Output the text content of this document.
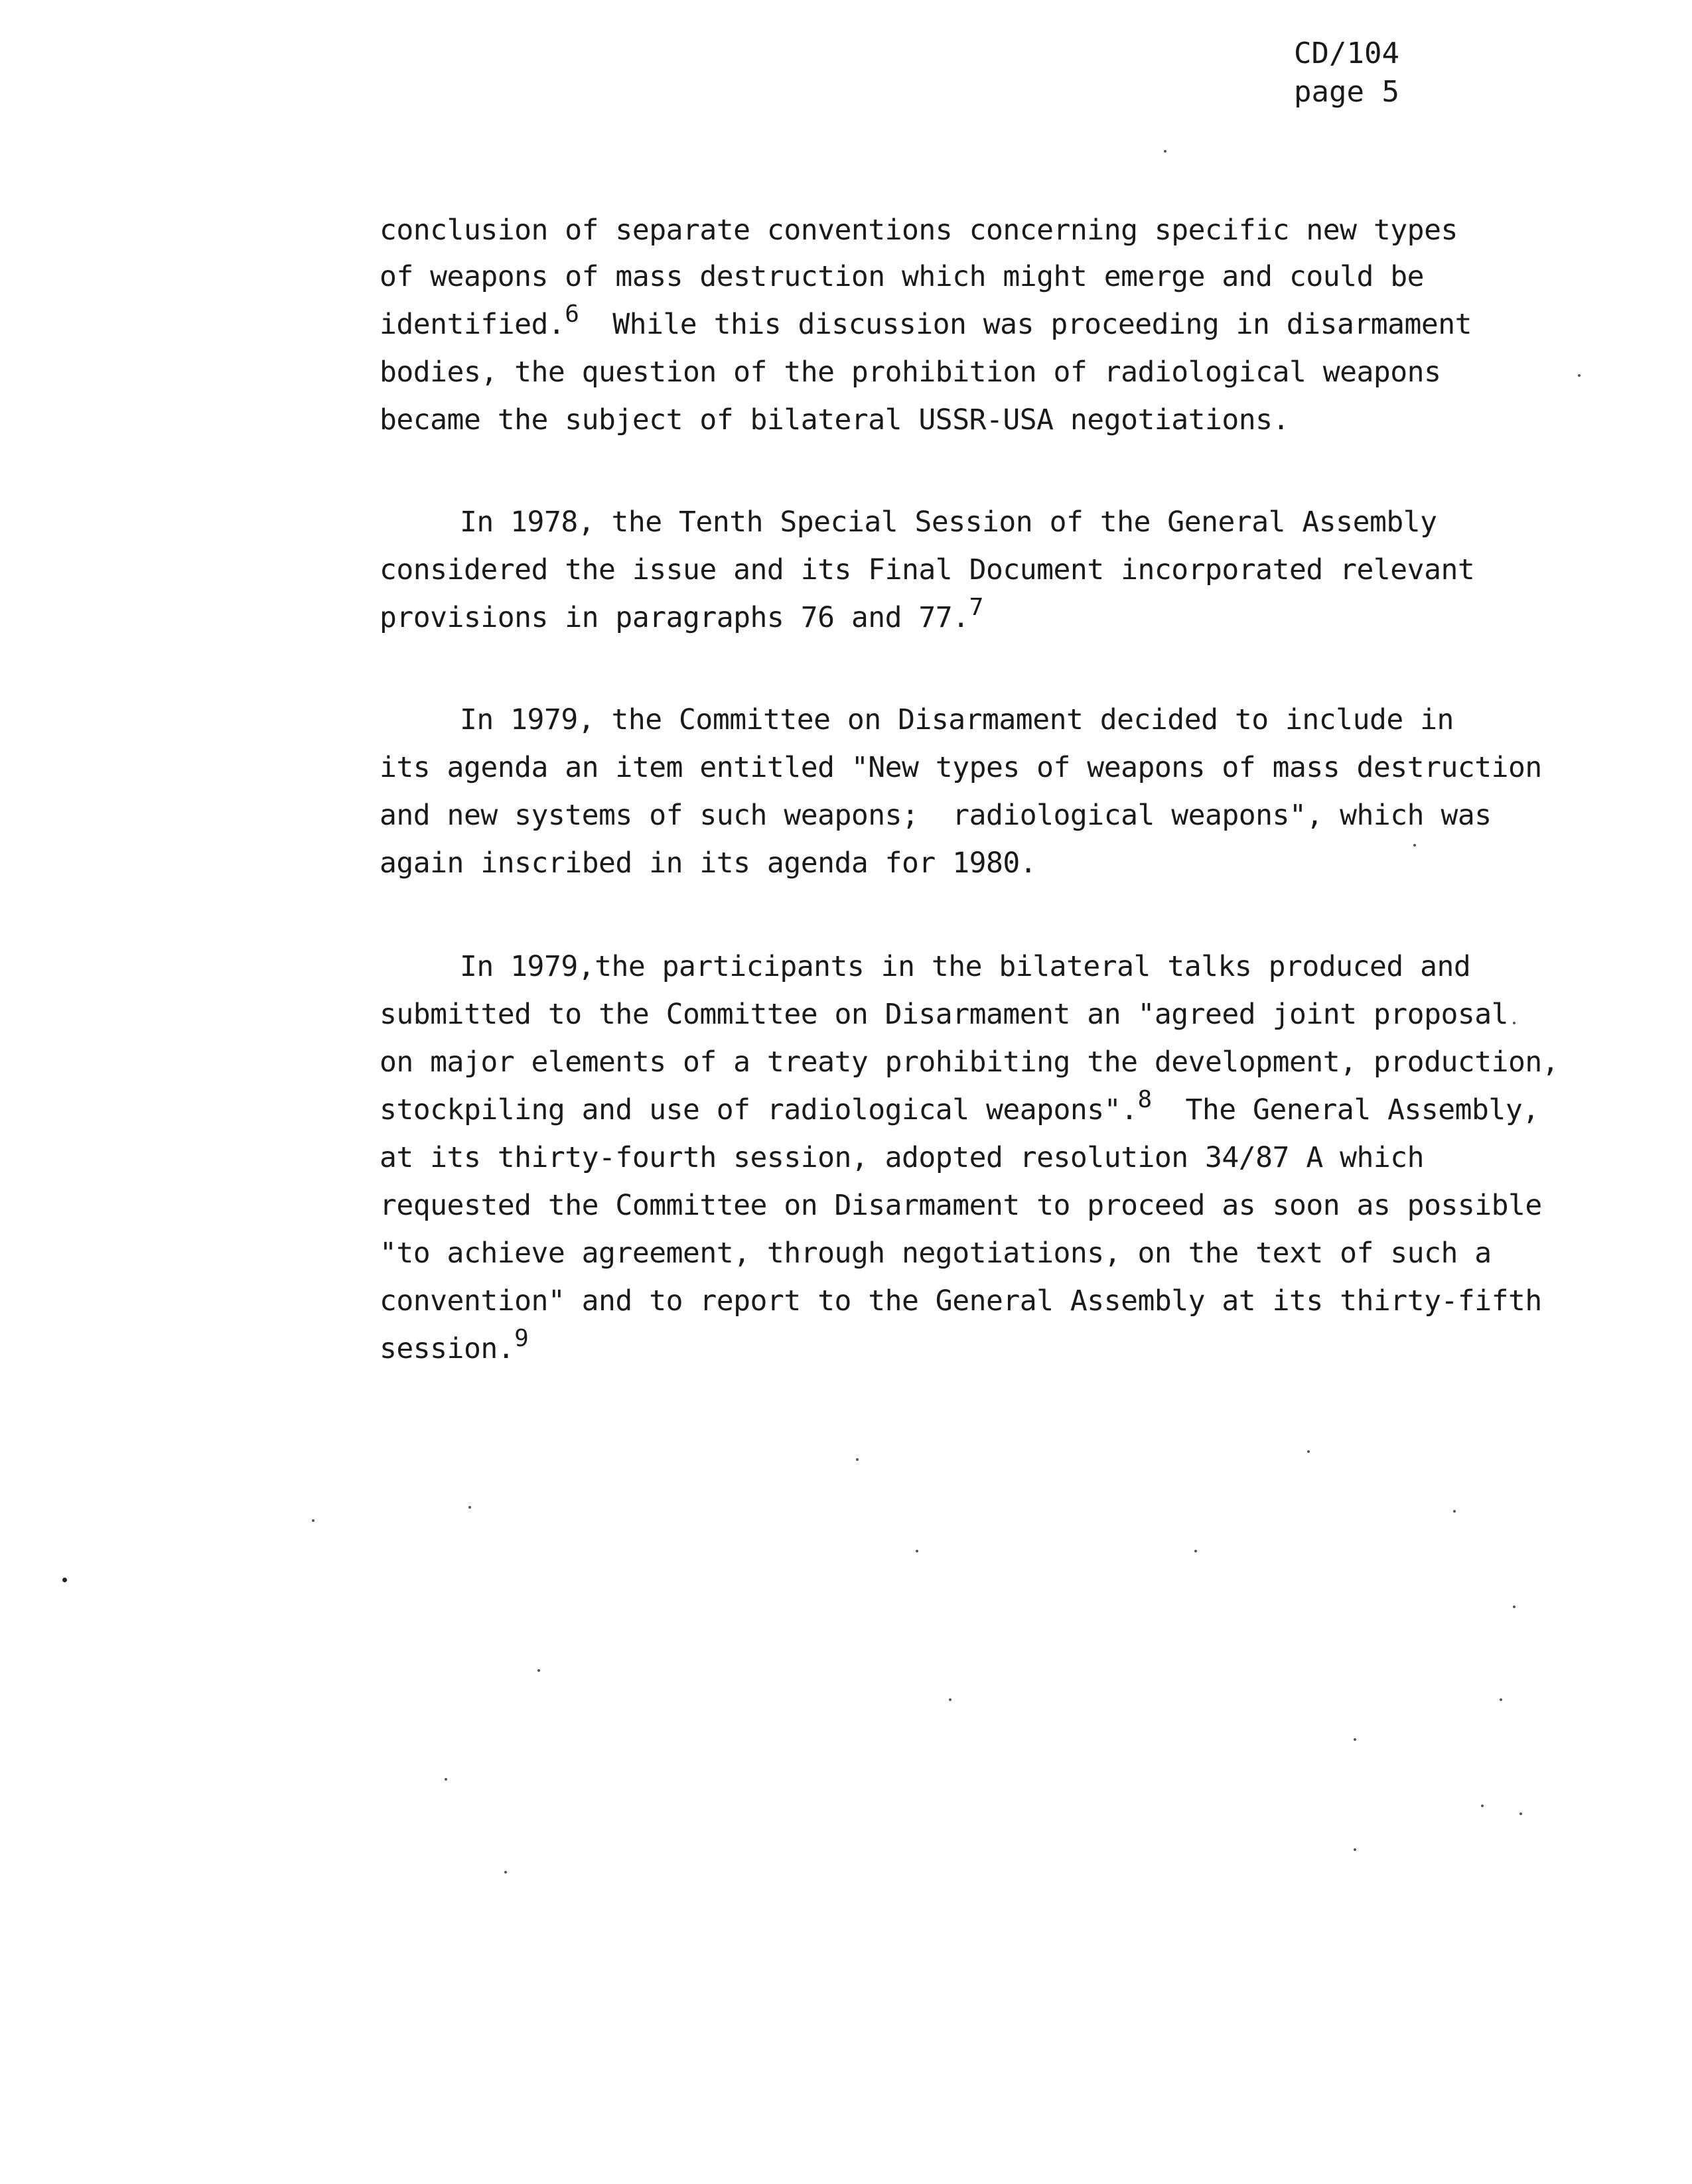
CD/104
page 5
conclusion of separate conventions concerning specific new types
of weapons of mass destruction which might emerge and could be
identified.$^6$ While this discussion was proceeding in disarmament
bodies, the question of the prohibition of radiological weapons
became the subject of bilateral USSR-USA negotiations.
In 1978, the Tenth Special Session of the General Assembly
considered the issue and its Final Document incorporated relevant
provisions in paragraphs 76 and 77.$^7$
In 1979, the Committee on Disarmament decided to include in
its agenda an item entitled "New types of weapons of mass destruction
and new systems of such weapons;  radiological weapons", which was
again inscribed in its agenda for 1980.
In 1979,the participants in the bilateral talks produced and
submitted to the Committee on Disarmament an "agreed joint proposal
on major elements of a treaty prohibiting the development, production,
stockpiling and use of radiological weapons".$^8$ The General Assembly,
at its thirty-fourth session, adopted resolution 34/87 A which
requested the Committee on Disarmament to proceed as soon as possible
"to achieve agreement, through negotiations, on the text of such a
convention" and to report to the General Assembly at its thirty-fifth
session.$^9$
